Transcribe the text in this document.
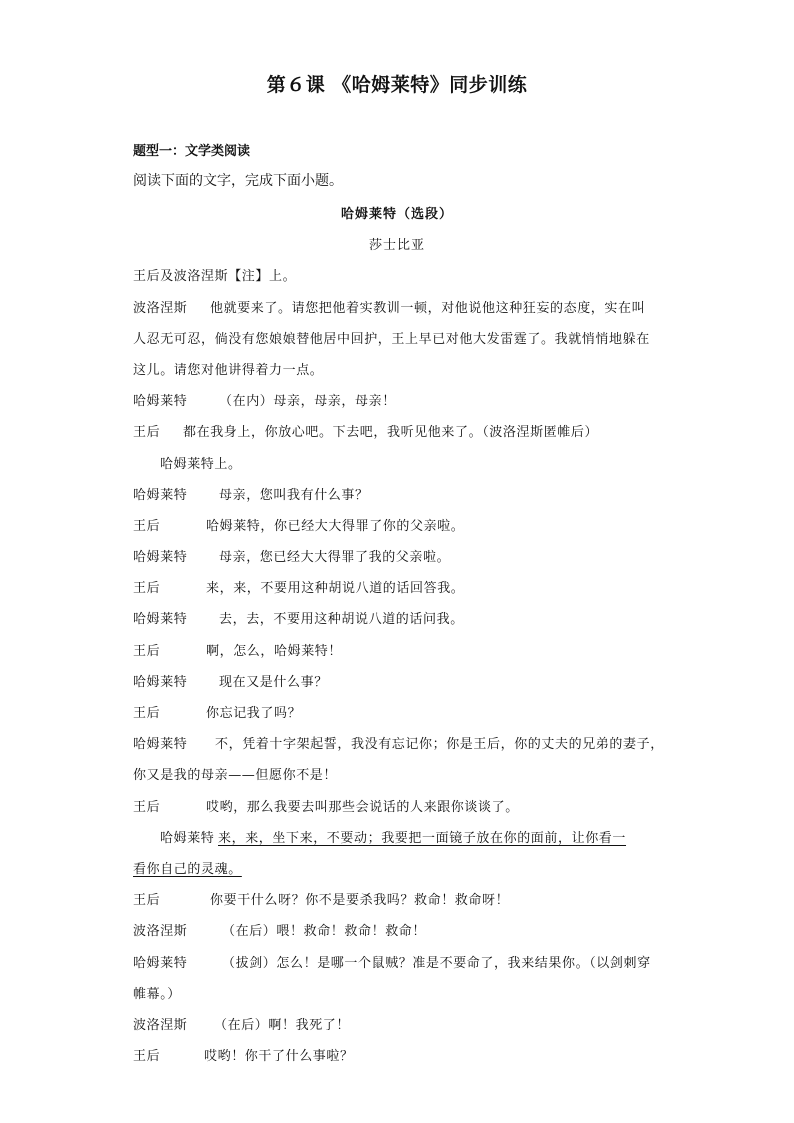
第６课 《哈姆莱特》同步训练
题型一：文学类阅读
阅读下面的文字，完成下面小题。
哈姆莱特（选段）
莎士比亚
王后及波洛涅斯【注】上。
波洛涅斯 他就要来了。请您把他着实教训一顿，对他说他这种狂妄的态度，实在叫
人忍无可忍，倘没有您娘娘替他居中回护，王上早已对他大发雷霆了。我就悄悄地躲在
这儿。请您对他讲得着力一点。
哈姆莱特 （在内）母亲，母亲，母亲！
王后 都在我身上，你放心吧。下去吧，我听见他来了。（波洛涅斯匿帷后）
哈姆莱特上。
哈姆莱特 母亲，您叫我有什么事？
王后	哈姆莱特，你已经大大得罪了你的父亲啦。
哈姆莱特 母亲，您已经大大得罪了我的父亲啦。
王后	来，来，不要用这种胡说八道的话回答我。
哈姆莱特 去，去，不要用这种胡说八道的话问我。
王后	啊，怎么，哈姆莱特！
哈姆莱特 现在又是什么事？
王后	你忘记我了吗？
哈姆莱特 不，凭着十字架起誓，我没有忘记你；你是王后，你的丈夫的兄弟的妻子，
你又是我的母亲——但愿你不是！
王后	哎哟，那么我要去叫那些会说话的人来跟你谈谈了。
哈姆莱特 来，来，坐下来，不要动；我要把一面镜子放在你的面前，让你看一
看你自己的灵魂。
王后	你要干什么呀？你不是要杀我吗？救命！救命呀！
波洛涅斯	（在后）喂！救命！救命！救命！
哈姆莱特	（拔剑）怎么！是哪一个鼠贼？准是不要命了，我来结果你。（以剑刺穿
帷幕。）
波洛涅斯 （在后）啊！我死了！
王后	哎哟！你干了什么事啦？
